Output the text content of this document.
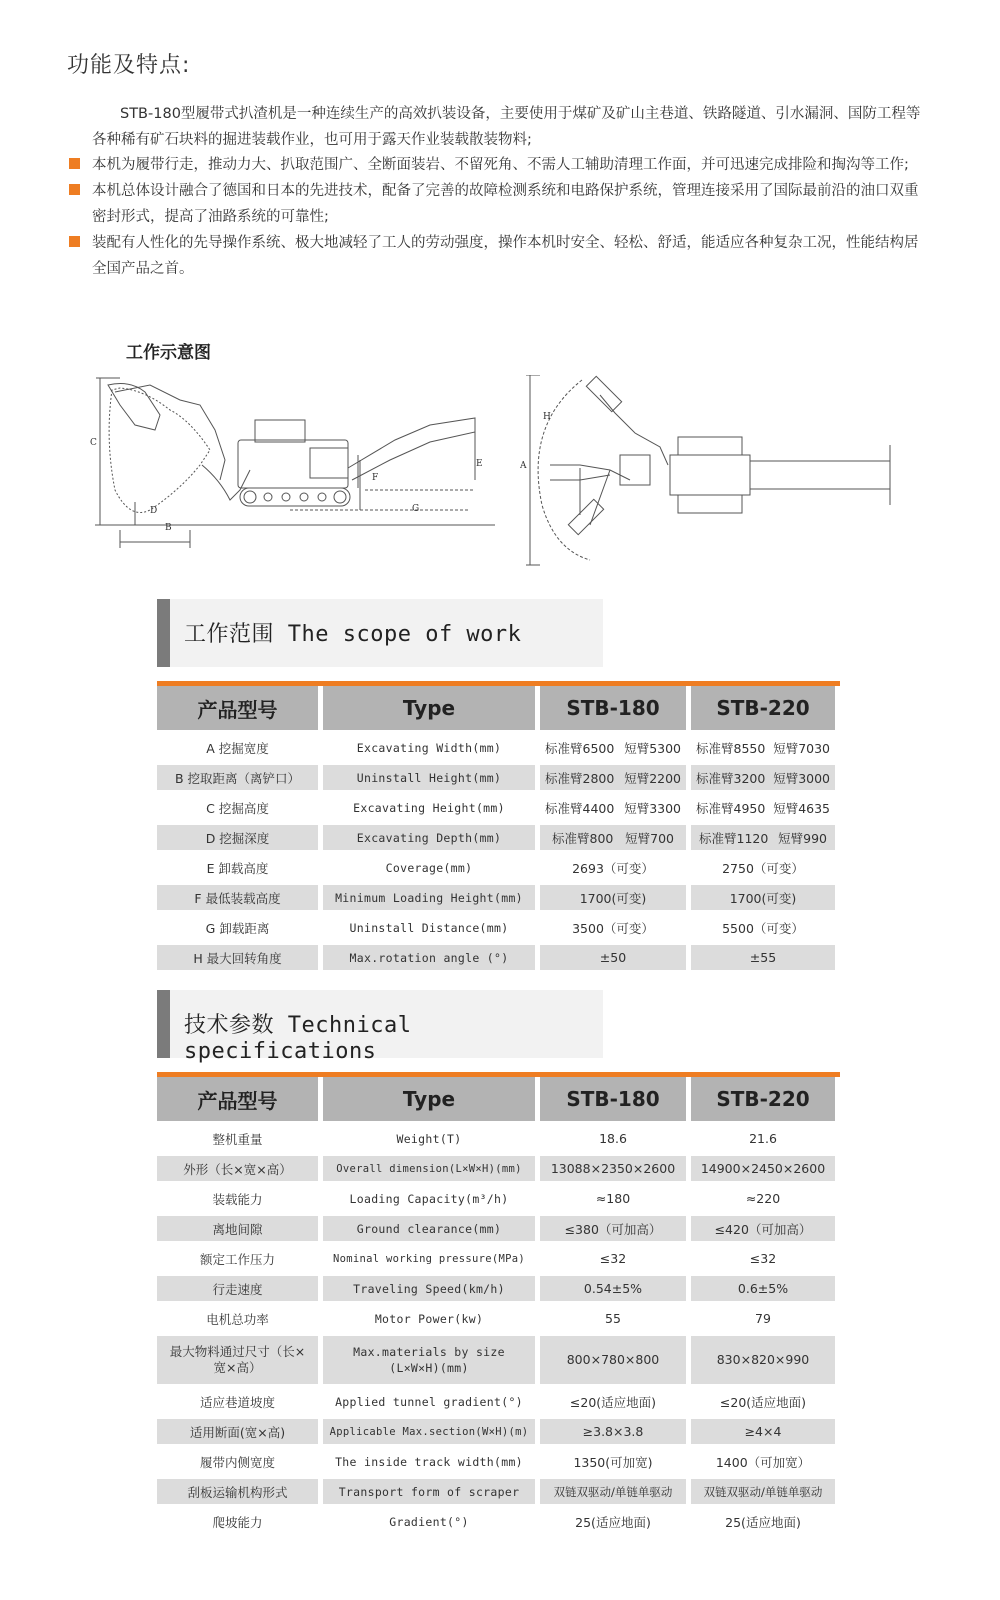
功能及特点:
STB-180型履带式扒渣机是一种连续生产的高效扒装设备，主要使用于煤矿及矿山主巷道、铁路隧道、引水漏洞、国防工程等各种稀有矿石块料的掘进装载作业，也可用于露天作业装载散装物料;
本机为履带行走，推动力大、扒取范围广、全断面装岩、不留死角、不需人工辅助清理工作面，并可迅速完成排险和掏沟等工作;
本机总体设计融合了德国和日本的先进技术，配备了完善的故障检测系统和电路保护系统，管理连接采用了国际最前沿的油口双重密封形式，提高了油路系统的可靠性;
装配有人性化的先导操作系统、极大地减轻了工人的劳动强度，操作本机时安全、轻松、舒适，能适应各种复杂工况，性能结构居全国产品之首。
工作示意图
C
D
B
F
E
G
H
A
工作范围 The scope of work
产品型号	Type	STB-180	STB-220
A 挖掘宽度	Excavating Width(mm)	标准臂6500 短臂5300	标准臂8550 短臂7030

B 挖取距离（离铲口）	Uninstall Height(mm)	标准臂2800 短臂2200	标准臂3200 短臂3000

C 挖掘高度	Excavating Height(mm)	标准臂4400 短臂3300	标准臂4950 短臂4635

D 挖掘深度	Excavating Depth(mm)	标准臂800 短臂700	标准臂1120 短臂990

E 卸载高度	Coverage(mm)	2693（可变）	2750（可变）
F 最低装载高度	Minimum Loading Height(mm)	1700(可变)	1700(可变)
G 卸载距离	Uninstall Distance(mm)	3500（可变）	5500（可变）
H 最大回转角度	Max.rotation angle (°)	±50	±55
技术参数 Technical specifications
产品型号	Type	STB-180	STB-220
整机重量	Weight(T)	18.6	21.6
外形（长×宽×高）	Overall dimension(L×W×H)(mm)	13088×2350×2600	14900×2450×2600
装载能力	Loading Capacity(m³/h)	≈180	≈220
离地间隙	Ground clearance(mm)	≤380（可加高）	≤420（可加高）
额定工作压力	Nominal working pressure(MPa)	≤32	≤32
行走速度	Traveling Speed(km/h)	0.54±5%	0.6±5%
电机总功率	Motor Power(kw)	55	79
最大物料通过尺寸（长×宽×高）	Max.materials by size (L×W×H)(mm)	800×780×800	830×820×990
适应巷道坡度	Applied tunnel gradient(°)	≤20(适应地面)	≤20(适应地面)
适用断面(宽×高)	Applicable Max.section(W×H)(m)	≥3.8×3.8	≥4×4
履带内侧宽度	The inside track width(mm)	1350(可加宽)	1400（可加宽）
刮板运输机构形式	Transport form of scraper	双链双驱动/单链单驱动	双链双驱动/单链单驱动
爬坡能力	Gradient(°)	25(适应地面)	25(适应地面)
